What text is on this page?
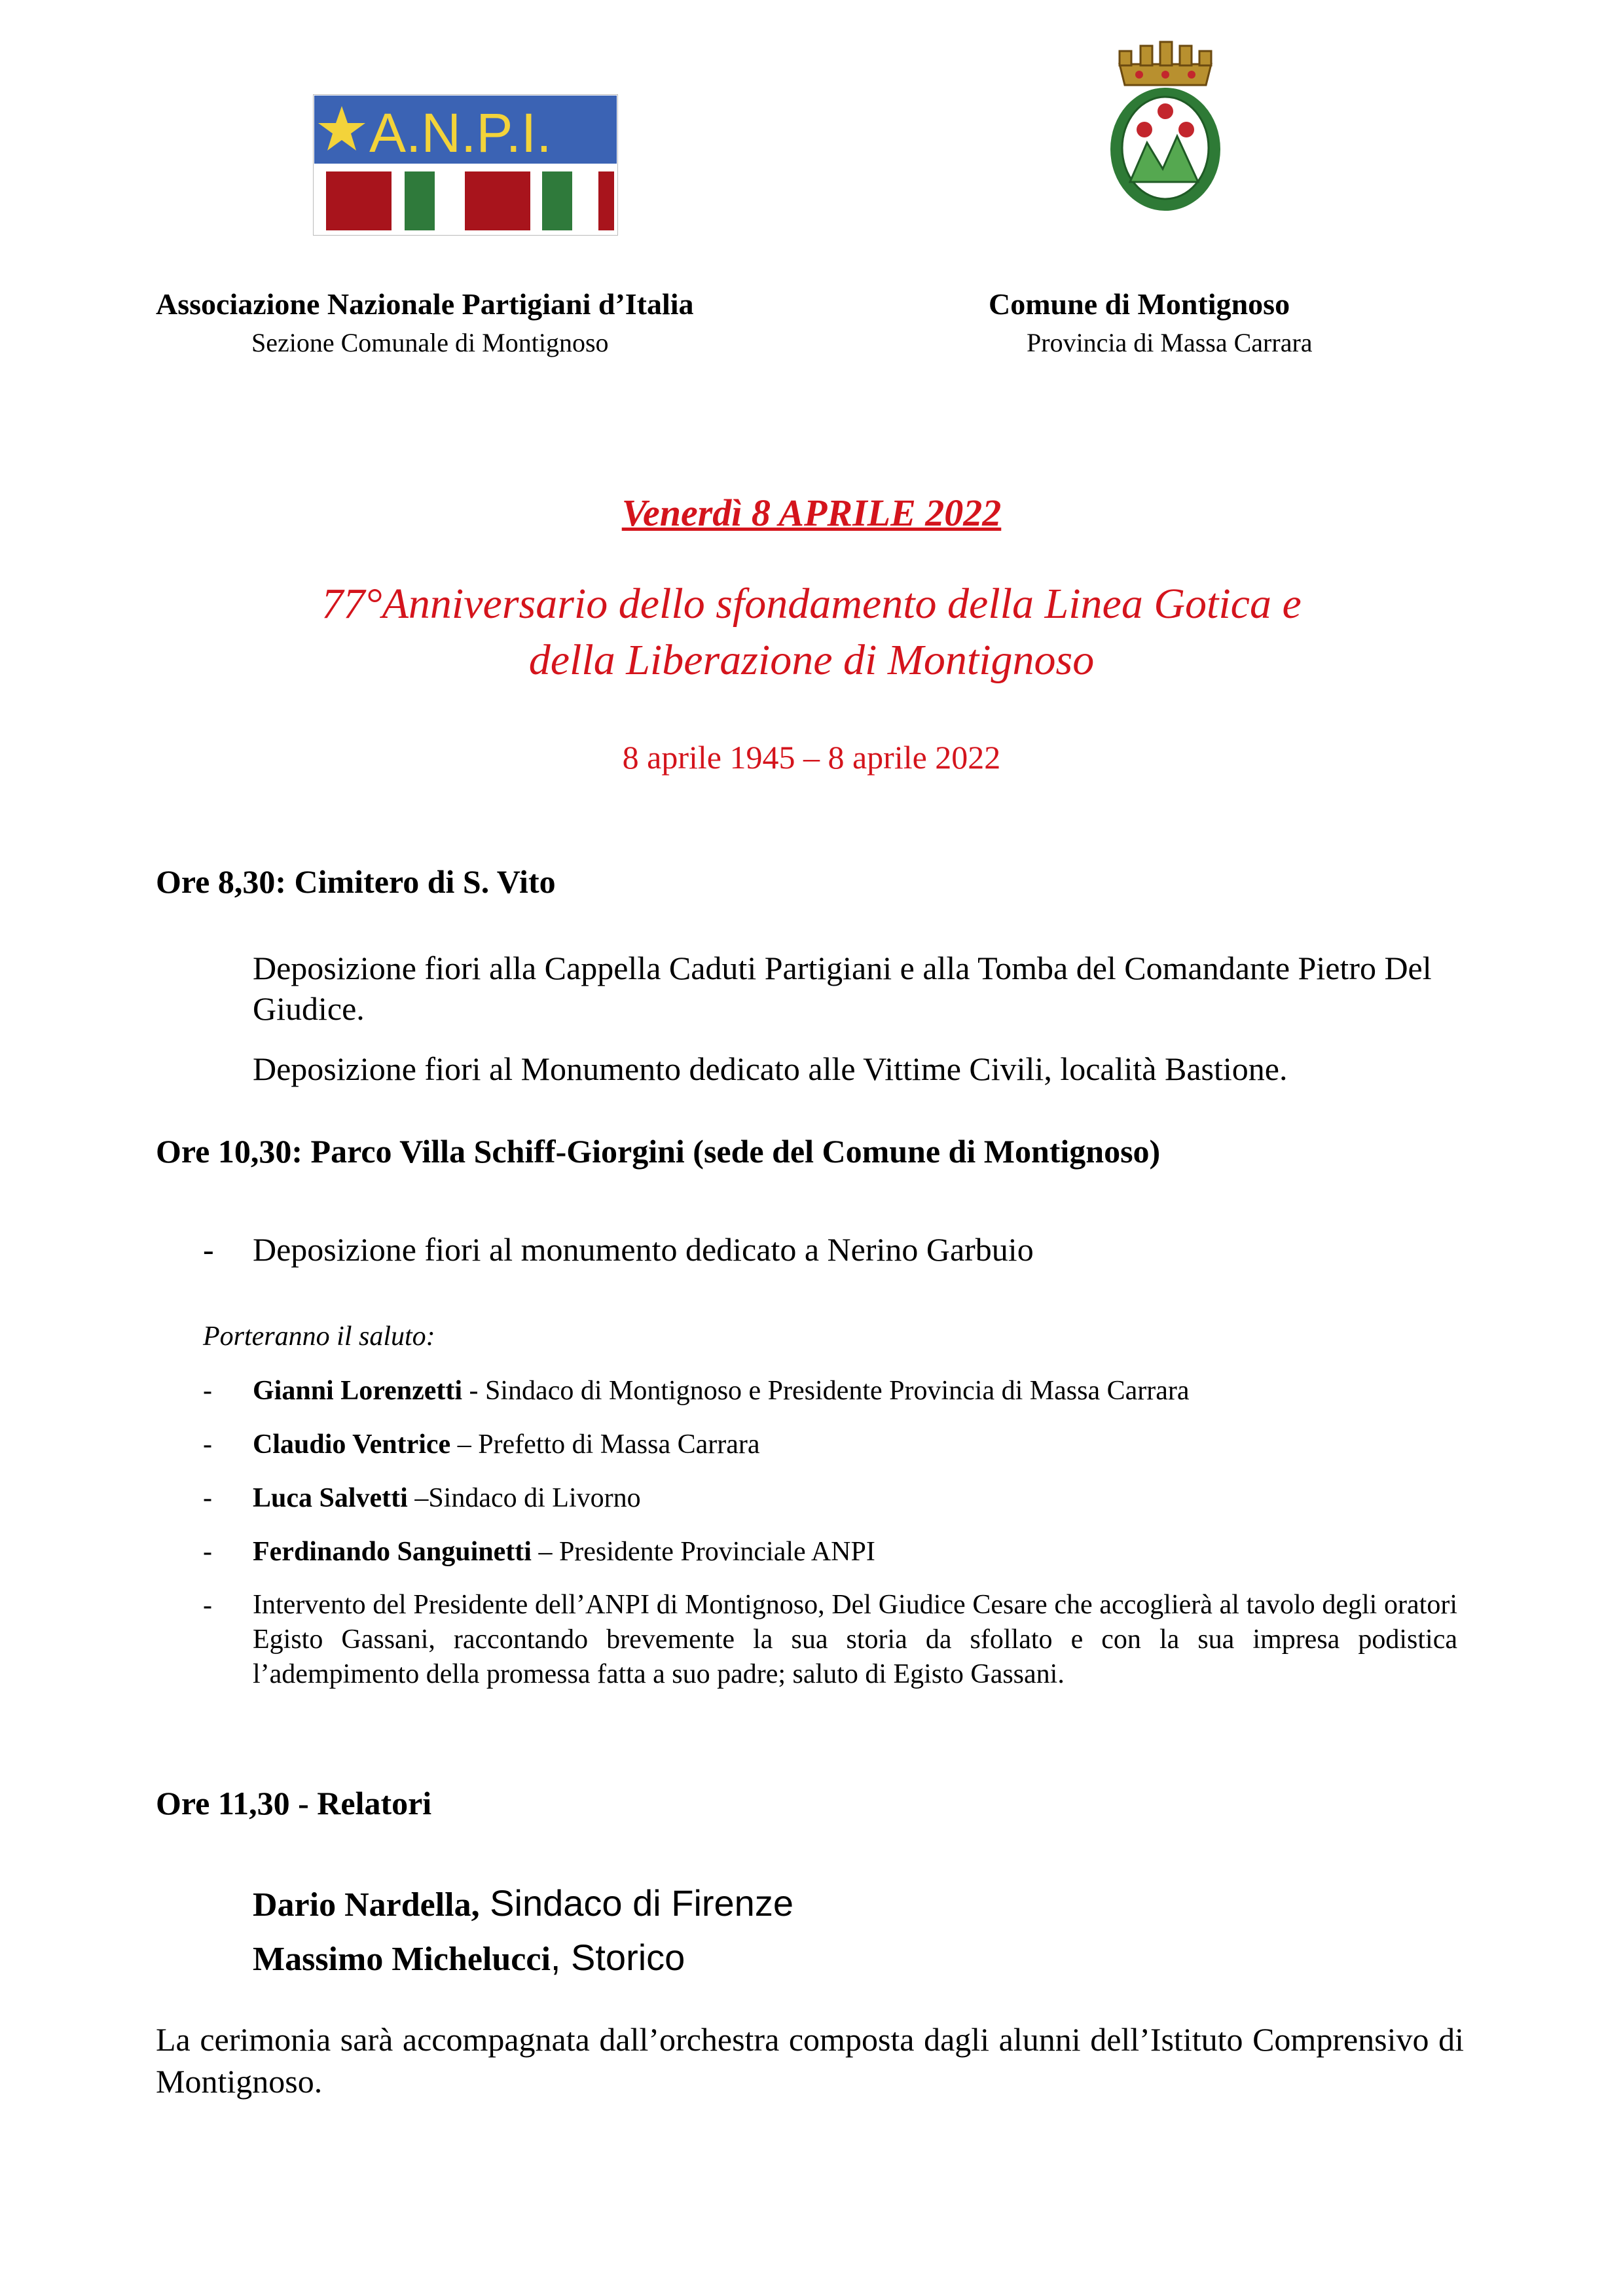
A.N.P.I.
Associazione Nazionale Partigiani d’Italia
Sezione Comunale di Montignoso
Comune di Montignoso
Provincia di Massa Carrara
Venerdì 8 APRILE 2022
77°Anniversario dello sfondamento della Linea Gotica e
della Liberazione di Montignoso
8 aprile 1945 – 8 aprile 2022
Ore 8,30: Cimitero di S. Vito
Deposizione fiori alla Cappella Caduti Partigiani e alla Tomba del Comandante Pietro Del Giudice.
Deposizione fiori al Monumento dedicato alle Vittime Civili, località Bastione.
Ore 10,30: Parco Villa Schiff-Giorgini (sede del Comune di Montignoso)
- Deposizione fiori al monumento dedicato a Nerino Garbuio
Porteranno il saluto:
- Gianni Lorenzetti - Sindaco di Montignoso e Presidente Provincia di Massa Carrara
- Claudio Ventrice – Prefetto di Massa Carrara
- Luca Salvetti –Sindaco di Livorno
- Ferdinando Sanguinetti – Presidente Provinciale ANPI
- Intervento del Presidente dell’ANPI di Montignoso, Del Giudice Cesare che accoglierà al tavolo degli oratori Egisto Gassani, raccontando brevemente la sua storia da sfollato e con la sua impresa podistica l’adempimento della promessa fatta a suo padre; saluto di Egisto Gassani.
Ore 11,30 - Relatori
Dario Nardella, Sindaco di Firenze
Massimo Michelucci, Storico
La cerimonia sarà accompagnata dall’orchestra composta dagli alunni dell’Istituto Comprensivo di Montignoso.
